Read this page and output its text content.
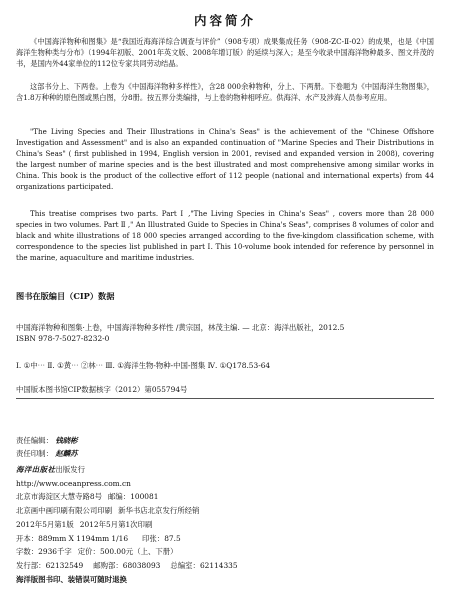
内容简介
《中国海洋物种和图集》是“我国近海海洋综合调查与评价”（908专项）成果集成任务（908-ZC-Ⅱ-02）的成果，也是《中国海洋生物种类与分布》（1994年初版、2001年英文版、2008年增订版）的延续与深入；是至今收录中国海洋物种最多、图文并茂的书，是国内外44家单位的112位专家共同劳动结晶。
这部书分上、下两卷。上卷为《中国海洋物种多样性》，含28 000余种物种，分上、下两册。下卷题为《中国海洋生物图集》，含1.8万种种的原色图或黑白图，分8册。按五界分类编排，与上卷的物种相呼应。供海洋、水产及涉海人员参考应用。
"The Living Species and Their Illustrations in China's Seas" is the achievement of the "Chinese Offshore Investigation and Assessment" and is also an expanded continuation of "Marine Species and Their Distributions in China's Seas" ( first published in 1994, English version in 2001, revised and expanded version in 2008), covering the largest number of marine species and is the best illustrated and most comprehensive among similar works in China. This book is the product of the collective effort of 112 people (national and international experts) from 44 organizations participated.
This treatise comprises two parts. Part Ⅰ ,"The Living Species in China's Seas" , covers more than 28 000 species in two volumes. Part Ⅱ ," An Illustrated Guide to Species in China's Seas", comprises 8 volumes of color and black and white illustrations of 18 000 species arranged according to the five-kingdom classification scheme, with correspondence to the species list published in part Ⅰ. This 10-volume book intended for reference by personnel in the marine, aquaculture and maritime industries.
图书在版编目（CIP）数据
中国海洋物种和图集·上卷，中国海洋物种多样性 /黄宗国，林茂主编. — 北京：海洋出版社，2012.5
ISBN 978-7-5027-8232-0
Ⅰ. ①中⋯ Ⅱ. ①黄⋯ ②林⋯ Ⅲ. ①海洋生物-物种-中国-图集 Ⅳ. ①Q178.53-64
中国版本图书馆CIP数据核字（2012）第055794号
责任编辑： 钱晓彬
责任印制： 赵麟苏
海洋出版社出版发行
http://www.oceanpress.com.cn
北京市海淀区大慧寺路8号 邮编：100081
北京画中画印刷有限公司印刷 新华书店北京发行所经销
2012年5月第1版 2012年5月第1次印刷
开本：889mm X 1194mm 1/16 印张：87.5
字数：2936千字 定价：500.00元（上、下册）
发行部：62132549 邮购部：68038093 总编室：62114335
海洋版图书印、装错误可随时退换
